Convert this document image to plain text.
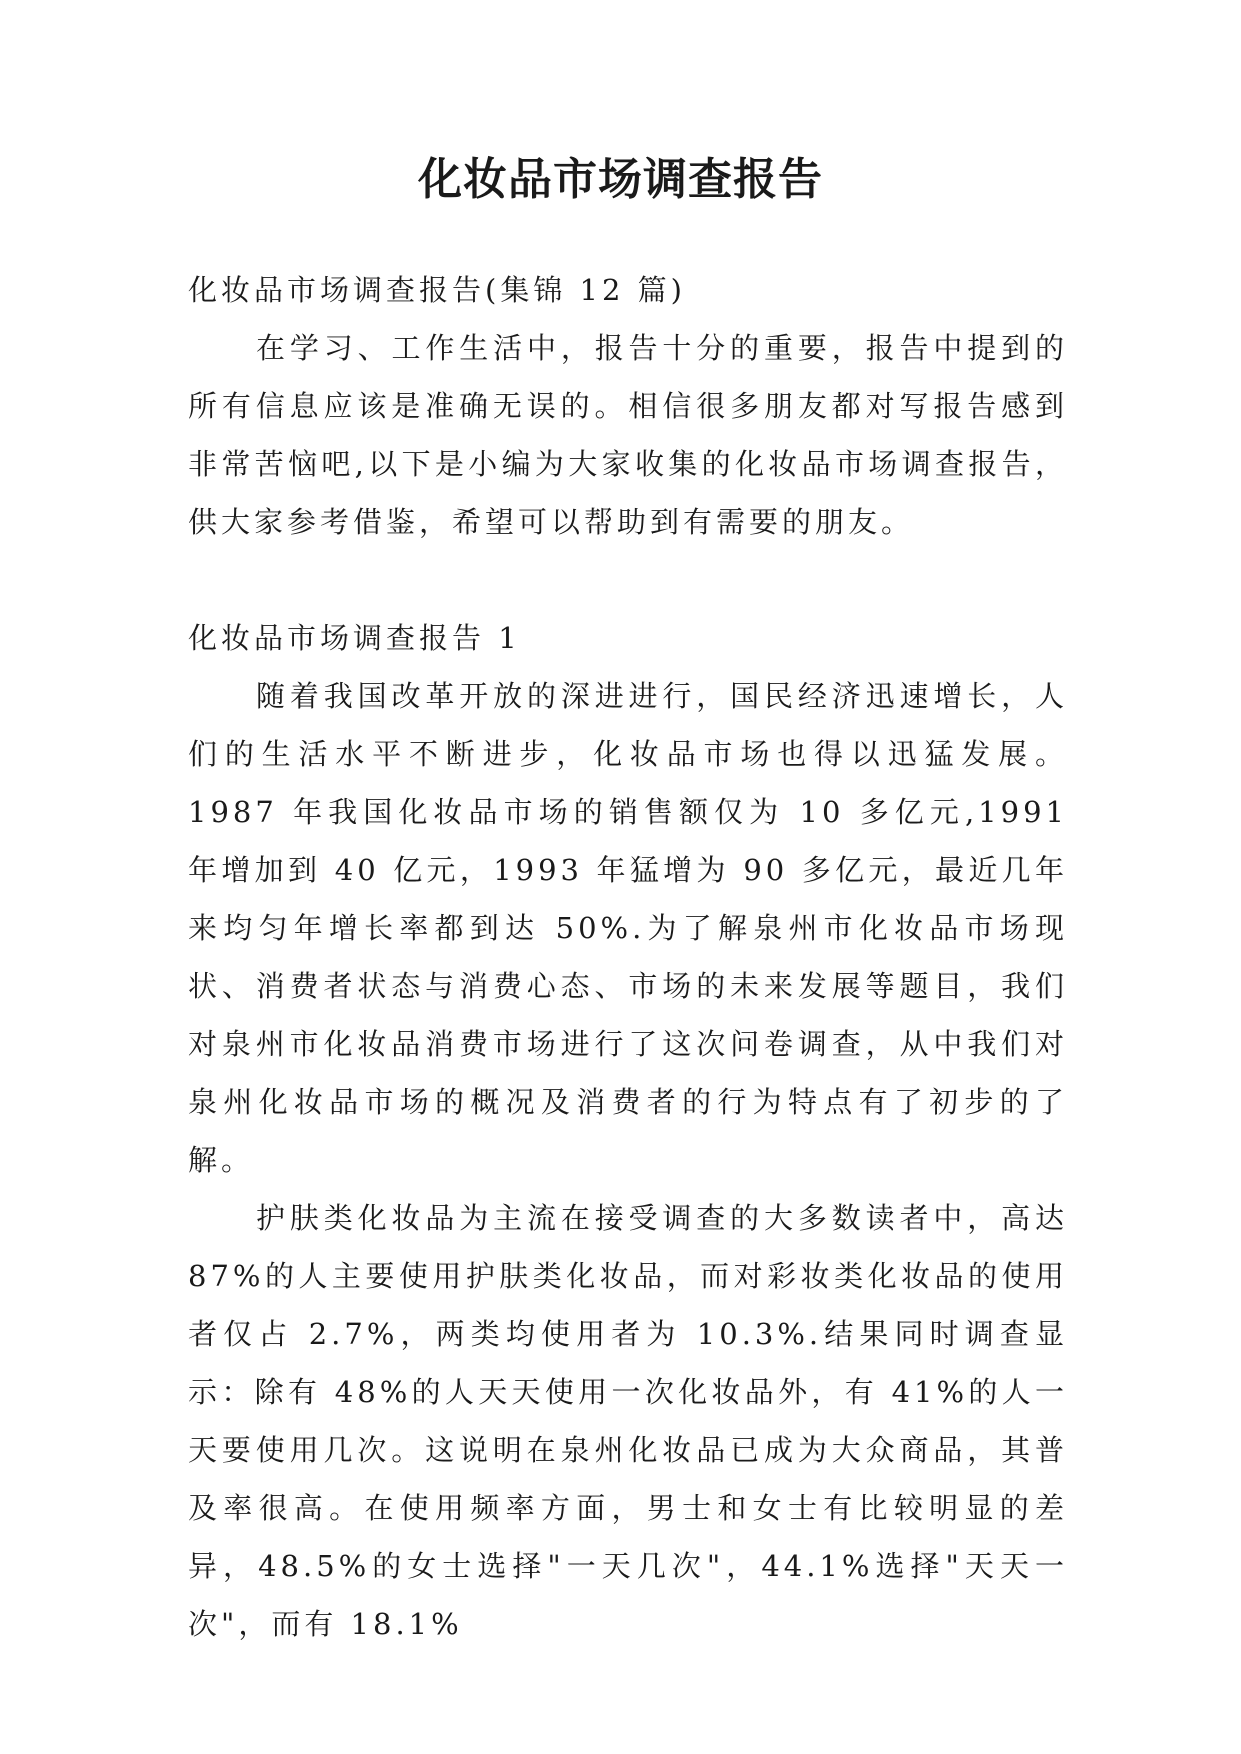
化妆品市场调查报告

化妆品市场调查报告(集锦 12 篇)

在学习、工作生活中，报告十分的重要，报告中提到的所有信息应该是准确无误的。相信很多朋友都对写报告感到非常苦恼吧,以下是小编为大家收集的化妆品市场调查报告，供大家参考借鉴，希望可以帮助到有需要的朋友。

化妆品市场调查报告 1

随着我国改革开放的深进进行，国民经济迅速增长，人们的生活水平不断进步，化妆品市场也得以迅猛发展。1987 年我国化妆品市场的销售额仅为 10 多亿元,1991 年增加到 40 亿元，1993 年猛增为 90 多亿元，最近几年来均匀年增长率都到达 50%.为了解泉州市化妆品市场现状、消费者状态与消费心态、市场的未来发展等题目，我们对泉州市化妆品消费市场进行了这次问卷调查，从中我们对泉州化妆品市场的概况及消费者的行为特点有了初步的了解。

护肤类化妆品为主流在接受调查的大多数读者中，高达 87%的人主要使用护肤类化妆品，而对彩妆类化妆品的使用者仅占 2.7%，两类均使用者为 10.3%.结果同时调查显示：除有 48%的人天天使用一次化妆品外，有 41%的人一天要使用几次。这说明在泉州化妆品已成为大众商品，其普及率很高。在使用频率方面，男士和女士有比较明显的差异，48.5%的女士选择"一天几次"，44.1%选择"天天一次"，而有 18.1%
